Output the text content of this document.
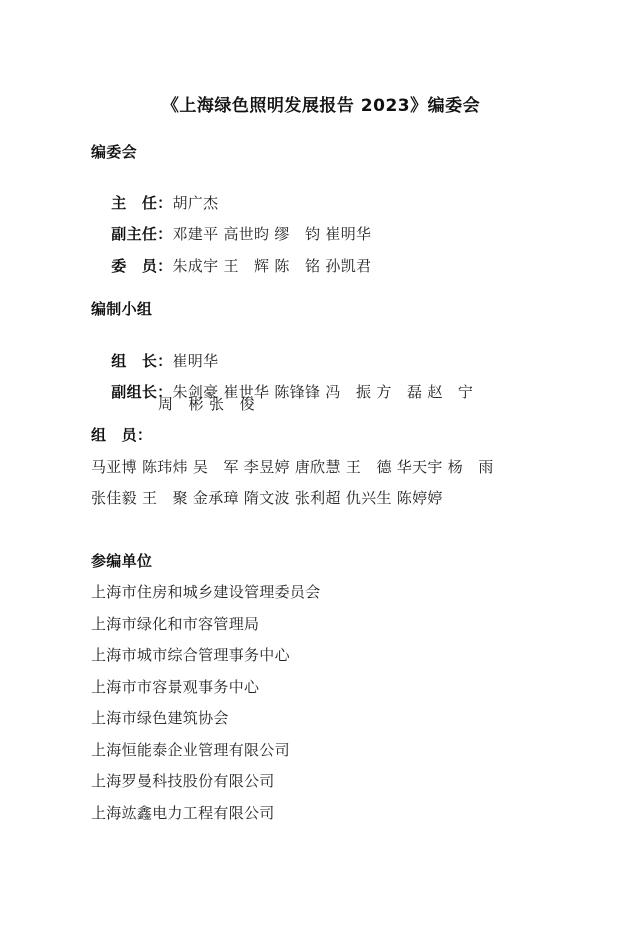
《上海绿色照明发展报告 2023》编委会
编委会

主　任：胡广杰

副主任：邓建平 高世昀 缪　钧 崔明华

委　员：朱成宇 王　辉 陈　铭 孙凯君

编制小组

组　长：崔明华

副组长：朱剑豪 崔世华 陈锋锋 冯　振 方　磊 赵　宁

周　彬 张　俊
组　员：
马亚博 陈玮炜 吴　军 李昱婷 唐欣慧 王　德 华天宇 杨　雨
张佳毅 王　聚 金承璋 隋文波 张利超 仇兴生 陈婷婷
参编单位
上海市住房和城乡建设管理委员会
上海市绿化和市容管理局
上海市城市综合管理事务中心
上海市市容景观事务中心
上海市绿色建筑协会
上海恒能泰企业管理有限公司
上海罗曼科技股份有限公司
上海竑鑫电力工程有限公司
